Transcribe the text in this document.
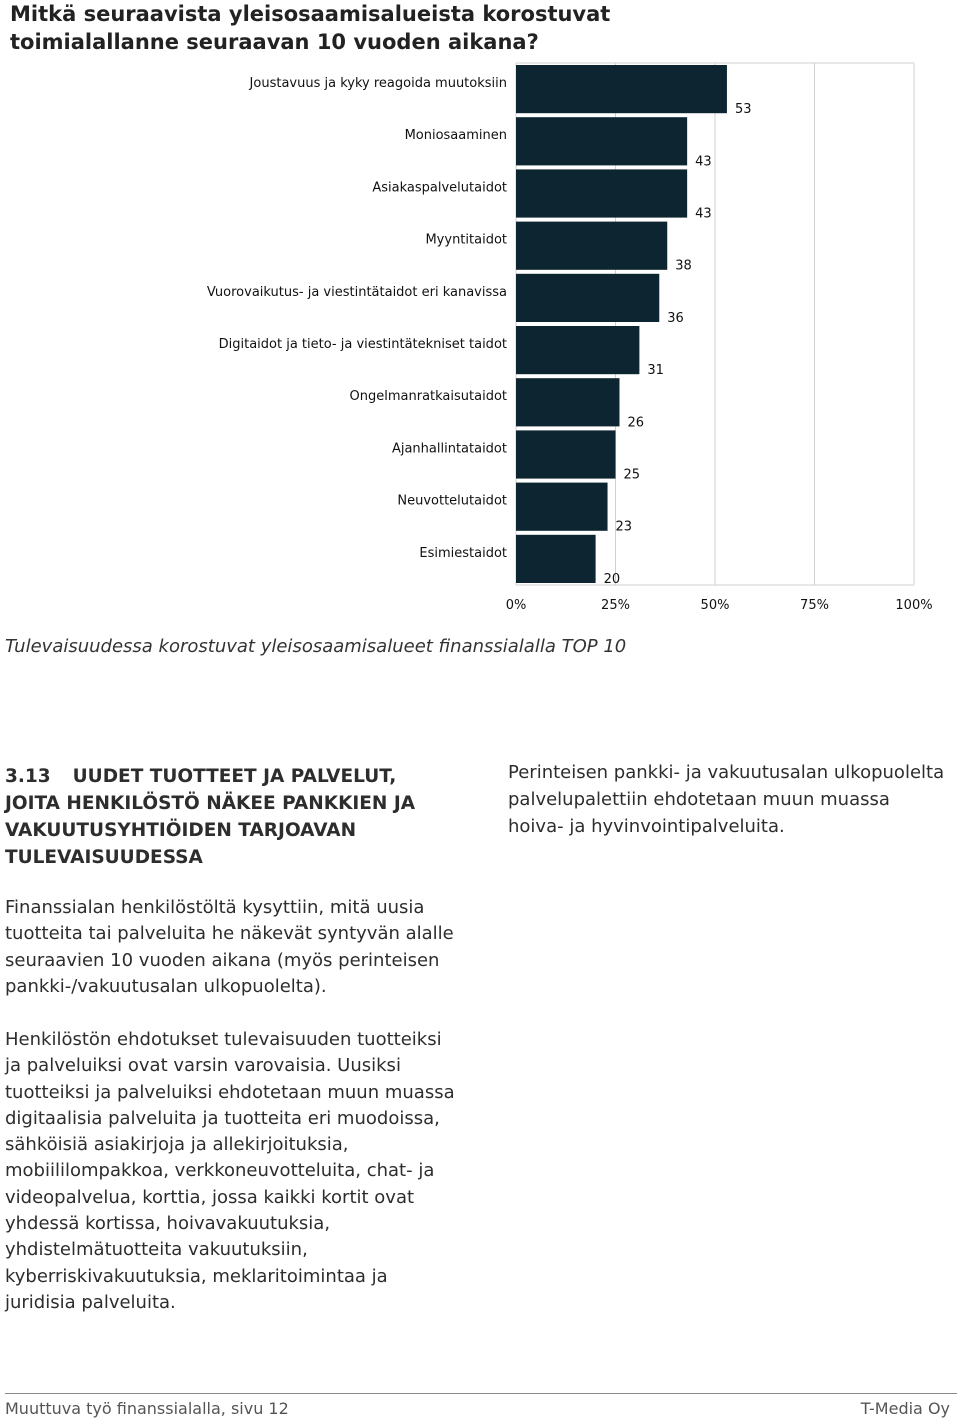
Mitkä seuraavista yleisosaamisalueista korostuvat toimialallanne seuraavan 10 vuoden aikana?
0%	25%	50%	75%	100%
Joustavuus ja kyky reagoida muutoksiin
53
Moniosaaminen
43
Asiakaspalvelutaidot
43
Myyntitaidot
38
Vuorovaikutus- ja viestintätaidot eri kanavissa
36
Digitaidot ja tieto- ja viestintätekniset taidot
31
Ongelmanratkaisutaidot
26
Ajanhallintataidot
25
Neuvottelutaidot
23
Esimiestaidot
20
Tulevaisuudessa korostuvat yleisosaamisalueet finanssialalla TOP 10
3.13 UUDET TUOTTEET JA PALVELUT, JOITA HENKILÖSTÖ NÄKEE PANKKIEN JA VAKUUTUSYHTIÖIDEN TARJOAVAN TULEVAISUUDESSA
Perinteisen pankki- ja vakuutusalan ulkopuolelta palvelupalettiin ehdotetaan muun muassa hoiva- ja hyvinvointipalveluita.
Finanssialan henkilöstöltä kysyttiin, mitä uusia tuotteita tai palveluita he näkevät syntyvän alalle seuraavien 10 vuoden aikana (myös perinteisen pankki-/vakuutusalan ulkopuolelta).
Henkilöstön ehdotukset tulevaisuuden tuotteiksi ja palveluiksi ovat varsin varovaisia. Uusiksi tuotteiksi ja palveluiksi ehdotetaan muun muassa digitaalisia palveluita ja tuotteita eri muodoissa, sähköisiä asiakirjoja ja allekirjoituksia, mobiililompakkoa, verkkoneuvotteluita, chat- ja videopalvelua, korttia, jossa kaikki kortit ovat yhdessä kortissa, hoivavakuutuksia, yhdistelmätuotteita vakuutuksiin, kyberriskivakuutuksia, meklaritoimintaa ja juridisia palveluita.
Muuttuva työ finanssialalla, sivu 12	T-Media Oy
